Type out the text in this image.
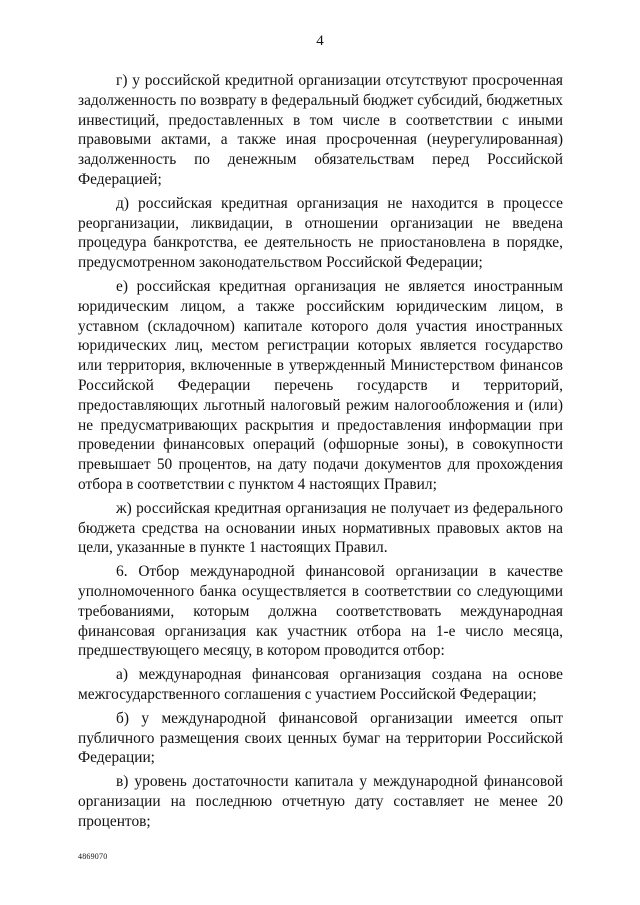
4

г) у российской кредитной организации отсутствуют просроченная задолженность по возврату в федеральный бюджет субсидий, бюджетных инвестиций, предоставленных в том числе в соответствии с иными правовыми актами, а также иная просроченная (неурегулированная) задолженность по денежным обязательствам перед Российской Федерацией;

д) российская кредитная организация не находится в процессе реорганизации, ликвидации, в отношении организации не введена процедура банкротства, ее деятельность не приостановлена в порядке, предусмотренном законодательством Российской Федерации;

е) российская кредитная организация не является иностранным юридическим лицом, а также российским юридическим лицом, в уставном (складочном) капитале которого доля участия иностранных юридических лиц, местом регистрации которых является государство или территория, включенные в утвержденный Министерством финансов Российской Федерации перечень государств и территорий, предоставляющих льготный налоговый режим налогообложения и (или) не предусматривающих раскрытия и предоставления информации при проведении финансовых операций (офшорные зоны), в совокупности превышает 50 процентов, на дату подачи документов для прохождения отбора в соответствии с пунктом 4 настоящих Правил;

ж) российская кредитная организация не получает из федерального бюджета средства на основании иных нормативных правовых актов на цели, указанные в пункте 1 настоящих Правил.

6. Отбор международной финансовой организации в качестве уполномоченного банка осуществляется в соответствии со следующими требованиями, которым должна соответствовать международная финансовая организация как участник отбора на 1-е число месяца, предшествующего месяцу, в котором проводится отбор:

а) международная финансовая организация создана на основе межгосударственного соглашения с участием Российской Федерации;

б) у международной финансовой организации имеется опыт публичного размещения своих ценных бумаг на территории Российской Федерации;

в) уровень достаточности капитала у международной финансовой организации на последнюю отчетную дату составляет не менее 20 процентов;

4869070
